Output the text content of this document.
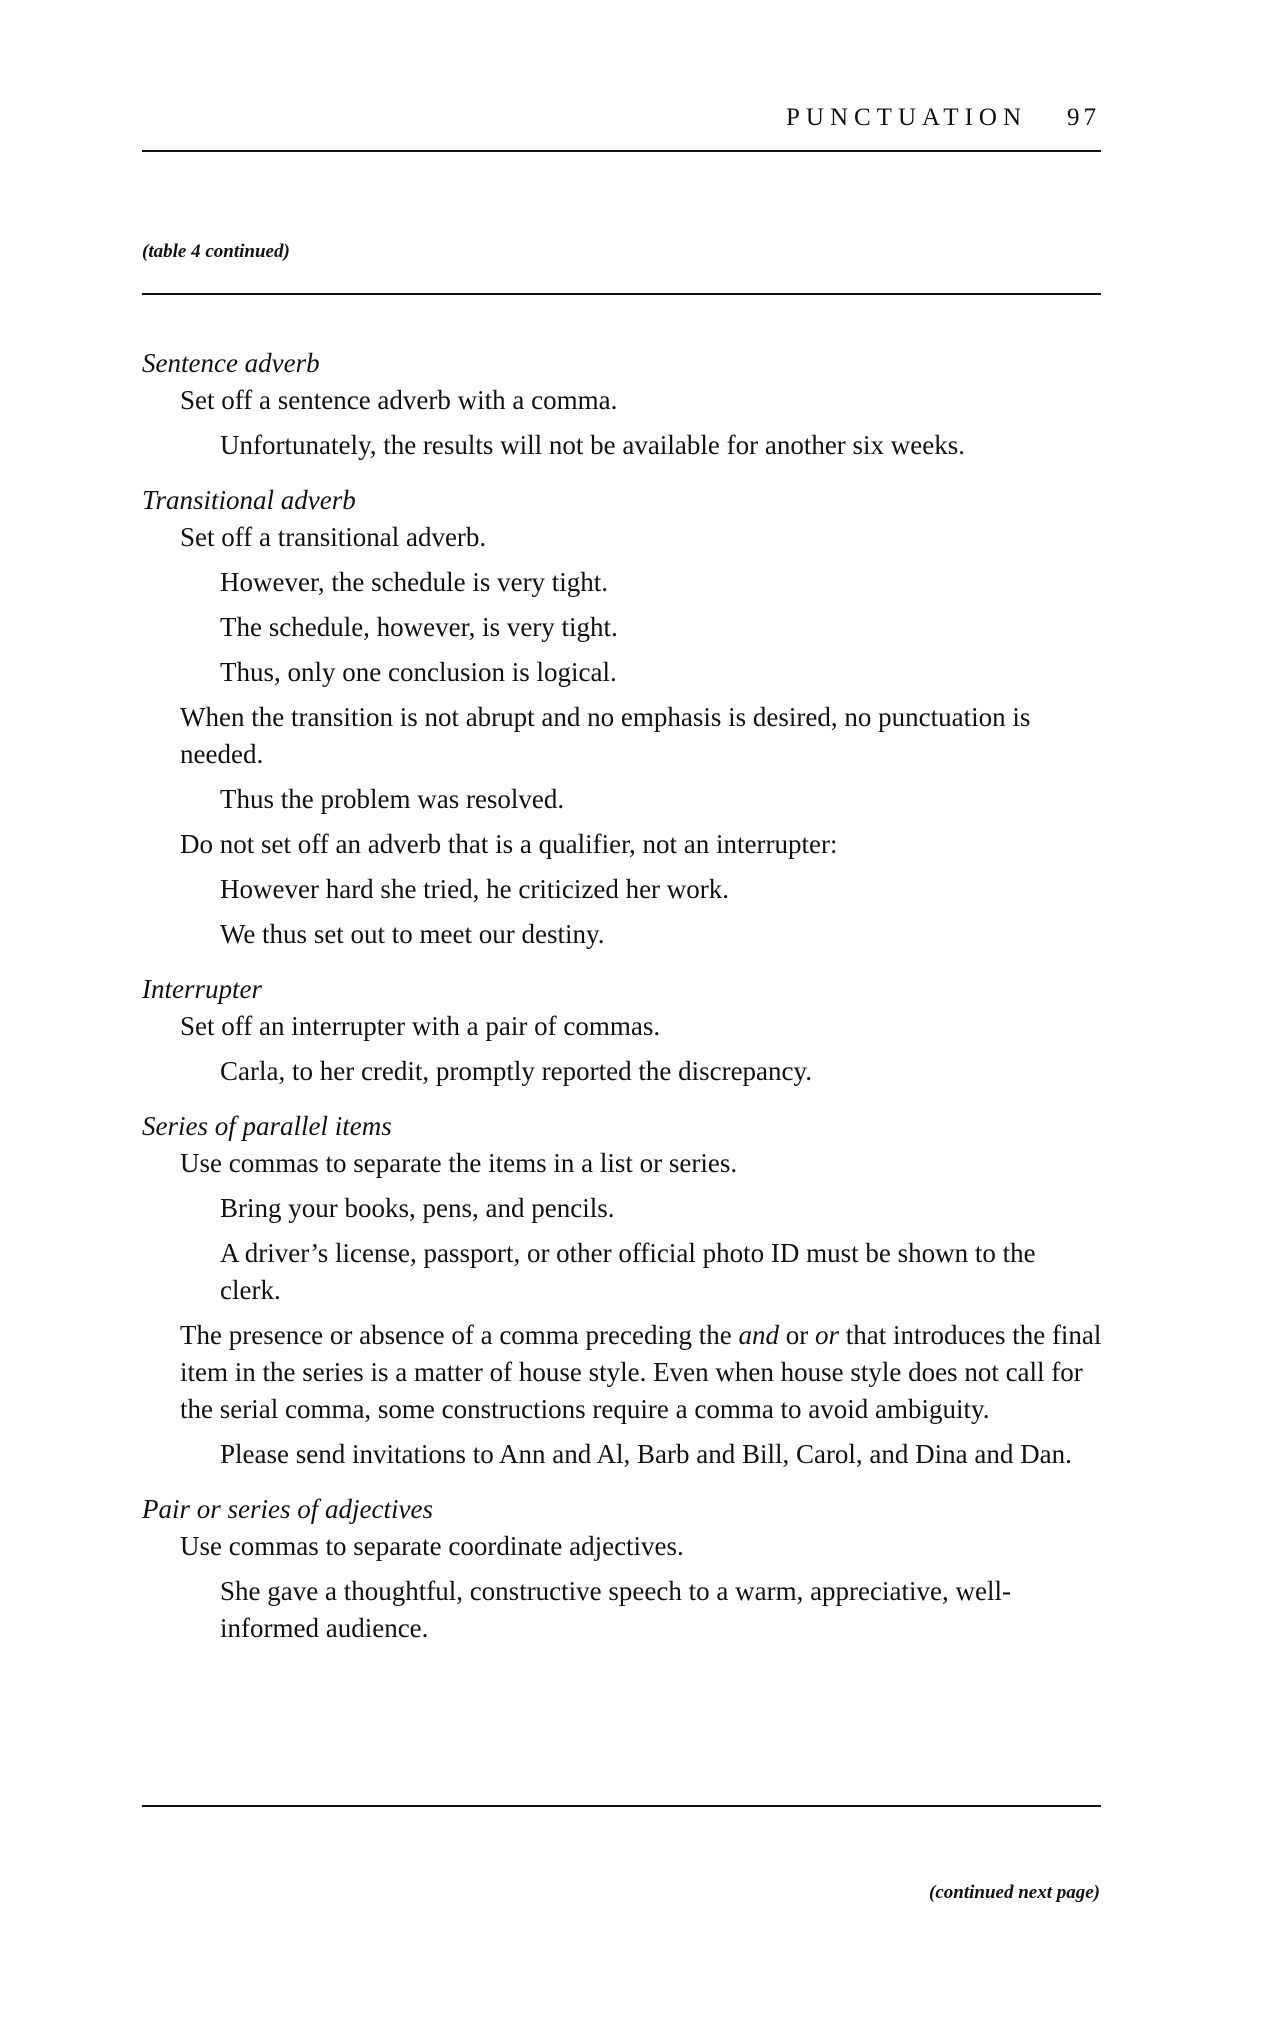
PUNCTUATION 97
(table 4 continued)

Sentence adverb

Set off a sentence adverb with a comma.

Unfortunately, the results will not be available for another six weeks.

Transitional adverb

Set off a transitional adverb.

However, the schedule is very tight.

The schedule, however, is very tight.

Thus, only one conclusion is logical.

When the transition is not abrupt and no emphasis is desired, no punctuation is needed.

Thus the problem was resolved.

Do not set off an adverb that is a qualifier, not an interrupter:

However hard she tried, he criticized her work.

We thus set out to meet our destiny.

Interrupter

Set off an interrupter with a pair of commas.

Carla, to her credit, promptly reported the discrepancy.

Series of parallel items

Use commas to separate the items in a list or series.

Bring your books, pens, and pencils.

A driver’s license, passport, or other official photo ID must be shown to the clerk.

The presence or absence of a comma preceding the and or or that introduces the final item in the series is a matter of house style. Even when house style does not call for the serial comma, some constructions require a comma to avoid ambiguity.

Please send invitations to Ann and Al, Barb and Bill, Carol, and Dina and Dan.

Pair or series of adjectives

Use commas to separate coordinate adjectives.

She gave a thoughtful, constructive speech to a warm, appreciative, well-informed audience.

(continued next page)
